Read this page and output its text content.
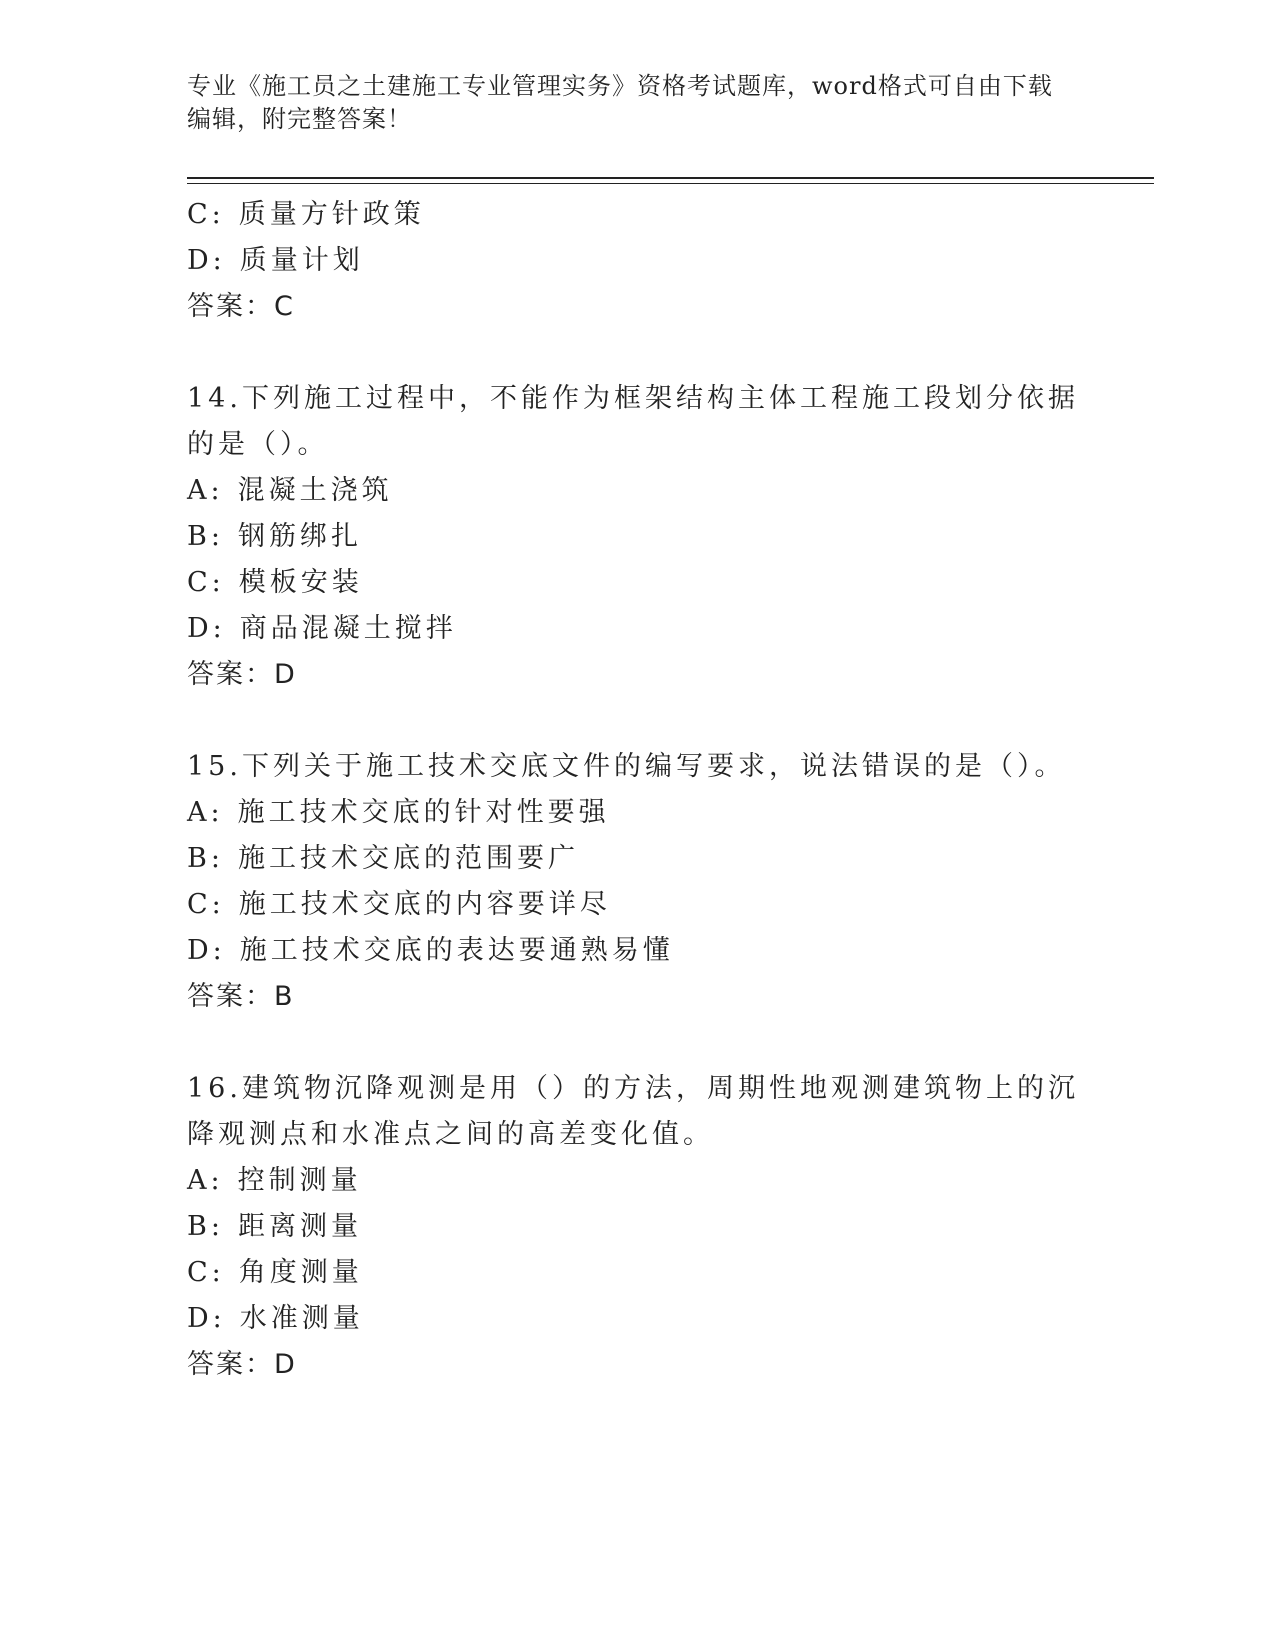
专业《施工员之土建施工专业管理实务》资格考试题库，word格式可自由下载编辑，附完整答案！
C: 质量方针政策
D: 质量计划
答案：C
14.下列施工过程中，不能作为框架结构主体工程施工段划分依据的是（）。
A: 混凝土浇筑
B: 钢筋绑扎
C: 模板安装
D: 商品混凝土搅拌
答案：D
15.下列关于施工技术交底文件的编写要求，说法错误的是（）。
A: 施工技术交底的针对性要强
B: 施工技术交底的范围要广
C: 施工技术交底的内容要详尽
D: 施工技术交底的表达要通熟易懂
答案：B
16.建筑物沉降观测是用（）的方法，周期性地观测建筑物上的沉降观测点和水准点之间的高差变化值。
A: 控制测量
B: 距离测量
C: 角度测量
D: 水准测量
答案：D
